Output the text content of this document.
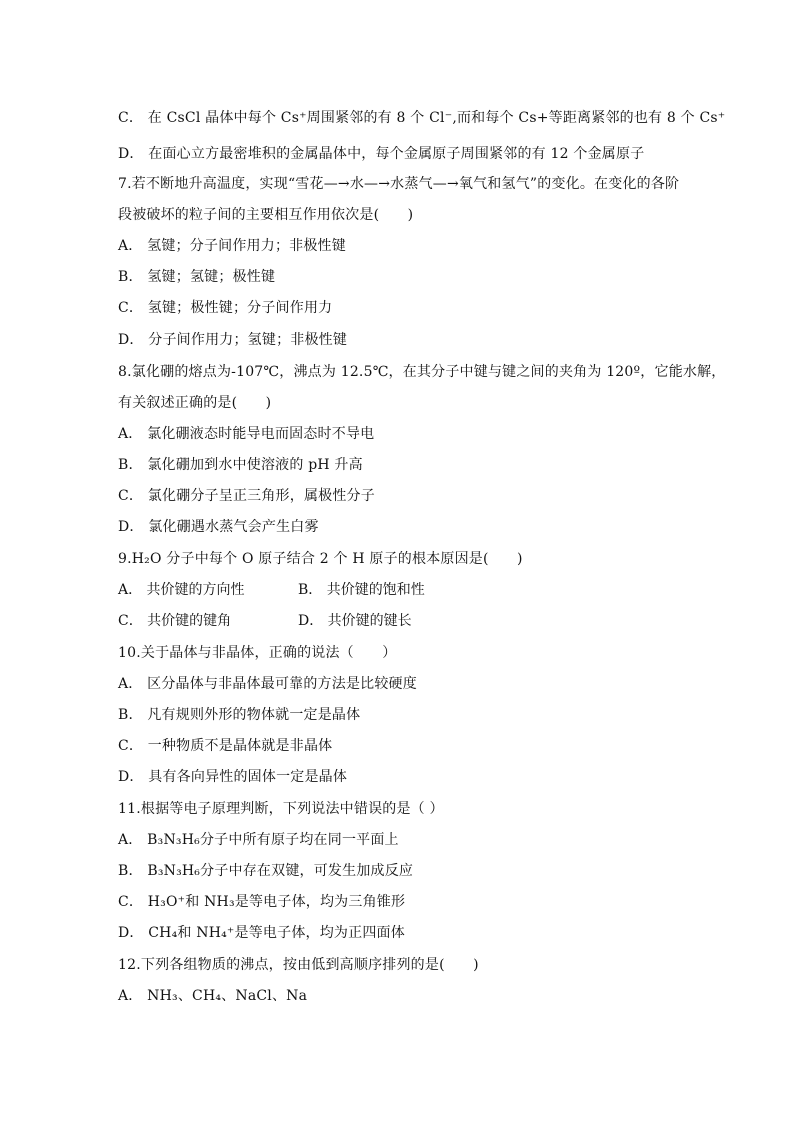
C． 在 CsCl 晶体中每个 Cs⁺周围紧邻的有 8 个 Cl⁻,而和每个 Cs+等距离紧邻的也有 8 个 Cs⁺
D． 在面心立方最密堆积的金属晶体中，每个金属原子周围紧邻的有 12 个金属原子
7.若不断地升高温度，实现“雪花—→水—→水蒸气—→氧气和氢气”的变化。在变化的各阶
段被破坏的粒子间的主要相互作用依次是(　　)
A． 氢键；分子间作用力；非极性键
B． 氢键；氢键；极性键
C． 氢键；极性键；分子间作用力
D． 分子间作用力；氢键；非极性键
8.氯化硼的熔点为-107℃，沸点为 12.5℃，在其分子中键与键之间的夹角为 120º，它能水解，
有关叙述正确的是(　　)
A． 氯化硼液态时能导电而固态时不导电
B． 氯化硼加到水中使溶液的 pH 升高
C． 氯化硼分子呈正三角形，属极性分子
D． 氯化硼遇水蒸气会产生白雾
9.H₂O 分子中每个 O 原子结合 2 个 H 原子的根本原因是(　　)
A． 共价键的方向性	B． 共价键的饱和性
C． 共价键的键角	D． 共价键的键长
10.关于晶体与非晶体，正确的说法（　　）
A． 区分晶体与非晶体最可靠的方法是比较硬度
B． 凡有规则外形的物体就一定是晶体
C． 一种物质不是晶体就是非晶体
D． 具有各向异性的固体一定是晶体
11.根据等电子原理判断，下列说法中错误的是（ ）
A． B₃N₃H₆分子中所有原子均在同一平面上
B． B₃N₃H₆分子中存在双键，可发生加成反应
C． H₃O⁺和 NH₃是等电子体，均为三角锥形
D． CH₄和 NH₄⁺是等电子体，均为正四面体
12.下列各组物质的沸点，按由低到高顺序排列的是(　　)
A． NH₃、CH₄、NaCl、Na
